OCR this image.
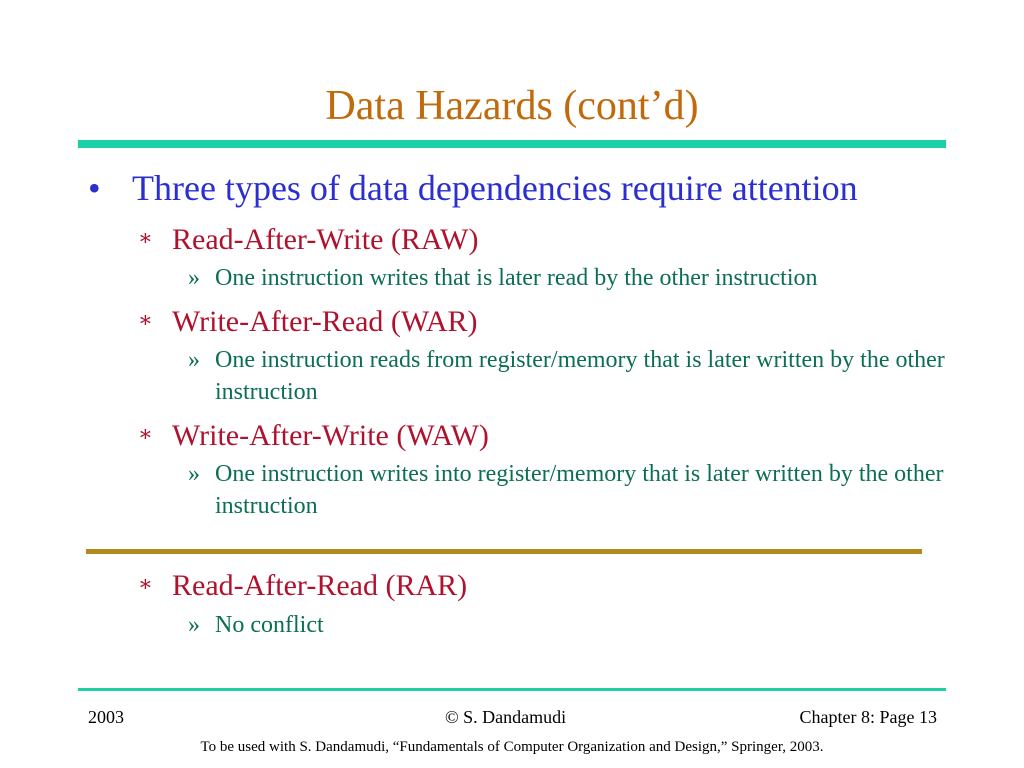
Data Hazards (cont’d)
• Three types of data dependencies require attention
∗ Read-After-Write (RAW)
» One instruction writes that is later read by the other instruction
∗ Write-After-Read (WAR)
» One instruction reads from register/memory that is later written by the other instruction
∗ Write-After-Write (WAW)
» One instruction writes into register/memory that is later written by the other instruction
∗ Read-After-Read (RAR)
» No conflict
2003	© S. Dandamudi	Chapter 8: Page 13
To be used with S. Dandamudi, “Fundamentals of Computer Organization and Design,” Springer, 2003.
